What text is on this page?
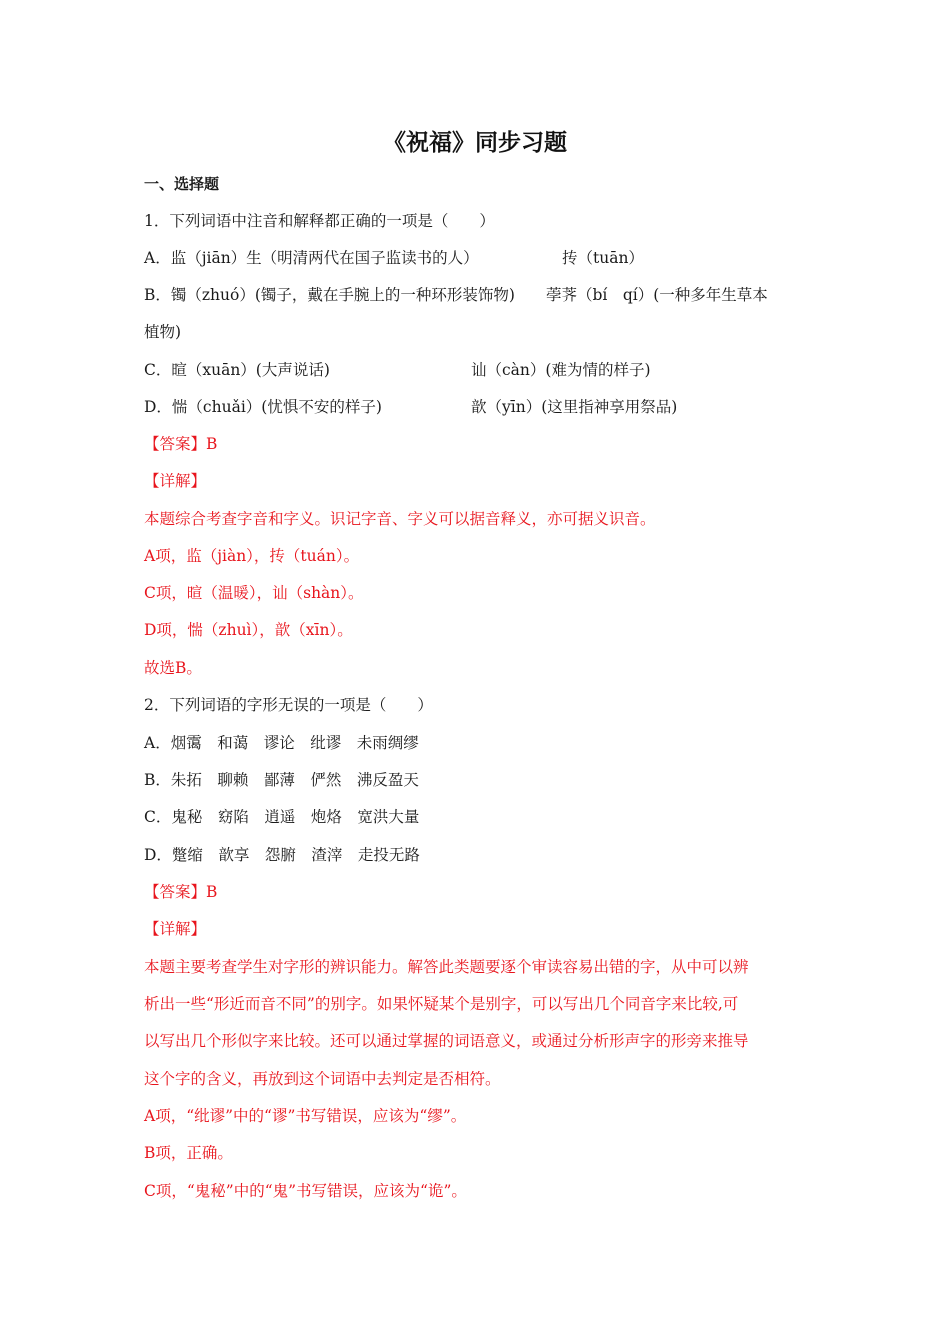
《祝福》同步习题
一、选择题
1．下列词语中注音和解释都正确的一项是（　　）
A．监（jiān）生（明清两代在国子监读书的人）	抟（tuān）
B．镯（zhuó）(镯子，戴在手腕上的一种环形装饰物)　　荸荠（bí　qí）(一种多年生草本
植物)
C．暄（xuān）(大声说话)	讪（càn）(难为情的样子)
D．惴（chuǎi）(忧惧不安的样子)	歆（yīn）(这里指神享用祭品)
【答案】B
【详解】
本题综合考查字音和字义。识记字音、字义可以据音释义，亦可据义识音。
A项，监（jiàn），抟（tuán）。
C项，暄（温暖），讪（shàn）。
D项，惴（zhuì），歆（xīn）。
故选B。
2．下列词语的字形无误的一项是（　　）
A．烟霭　和蔼　谬论　纰谬　未雨绸缪
B．朱拓　聊赖　鄙薄　俨然　沸反盈天
C．鬼秘　窈陷　逍遥　炮烙　宽洪大量
D．蹩缩　歆享　怨腑　渣滓　走投无路
【答案】B
【详解】
本题主要考查学生对字形的辨识能力。解答此类题要逐个审读容易出错的字，从中可以辨
析出一些“形近而音不同”的别字。如果怀疑某个是别字，可以写出几个同音字来比较,可
以写出几个形似字来比较。还可以通过掌握的词语意义，或通过分析形声字的形旁来推导
这个字的含义，再放到这个词语中去判定是否相符。
A项，“纰谬”中的“谬”书写错误，应该为“缪”。
B项，正确。
C项，“鬼秘”中的“鬼”书写错误，应该为“诡”。
